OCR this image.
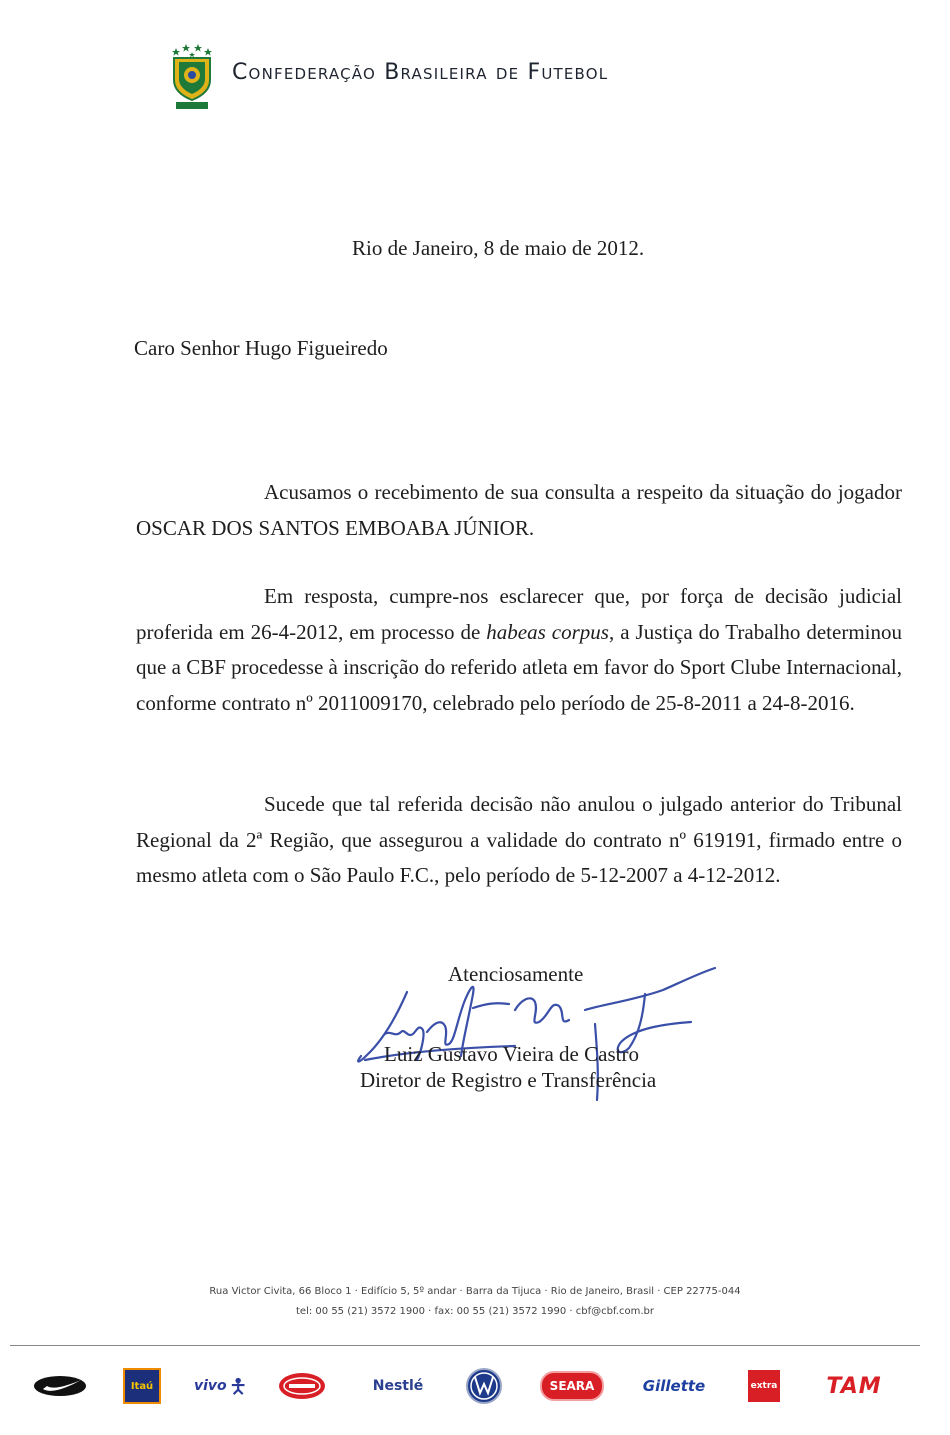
Confederação Brasileira de Futebol
Rio de Janeiro, 8 de maio de 2012.
Caro Senhor Hugo Figueiredo
Acusamos o recebimento de sua consulta a respeito da situação do jogador OSCAR DOS SANTOS EMBOABA JÚNIOR.
Em resposta, cumpre-nos esclarecer que, por força de decisão judicial proferida em 26-4-2012, em processo de habeas corpus, a Justiça do Trabalho determinou que a CBF procedesse à inscrição do referido atleta em favor do Sport Clube Internacional, conforme contrato nº 2011009170, celebrado pelo período de 25-8-2011 a 24-8-2016.
Sucede que tal referida decisão não anulou o julgado anterior do Tribunal Regional da 2ª Região, que assegurou a validade do contrato nº 619191, firmado entre o mesmo atleta com o São Paulo F.C., pelo período de 5-12-2007 a 4-12-2012.
Atenciosamente
Luiz Gustavo Vieira de Castro
Diretor de Registro e Transferência
Rua Victor Civita, 66 Bloco 1 · Edifício 5, 5º andar · Barra da Tijuca · Rio de Janeiro, Brasil · CEP 22775-044
tel: 00 55 (21) 3572 1900 · fax: 00 55 (21) 3572 1990 · cbf@cbf.com.br
Itaú	vivo	Nestlé	SEARA	Gillette	extra TAM
